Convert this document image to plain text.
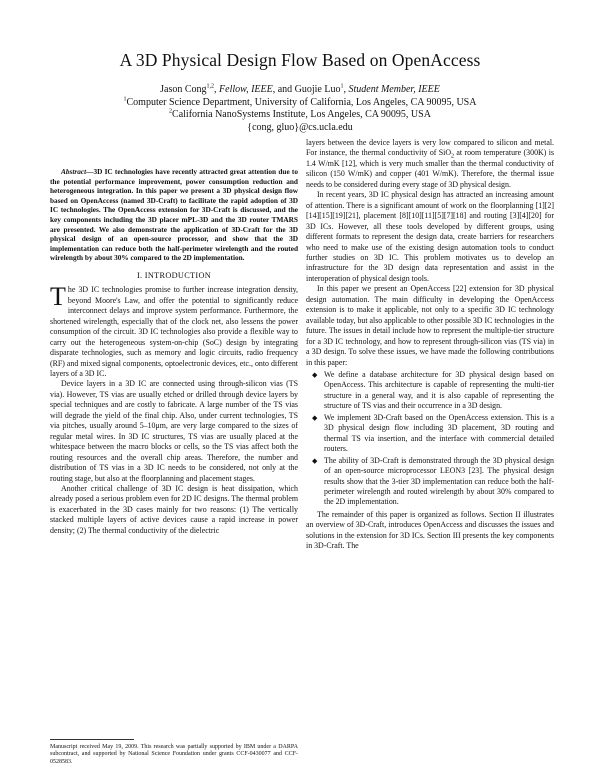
A 3D Physical Design Flow Based on OpenAccess
Jason Cong$^{1,2}$, Fellow, IEEE, and Guojie Luo$^1$, Student Member, IEEE
$^1$Computer Science Department, University of California, Los Angeles, CA 90095, USA
$^2$California NanoSystems Institute, Los Angeles, CA 90095, USA
{cong, gluo}@cs.ucla.edu

Abstract—3D IC technologies have recently attracted great attention due to the potential performance improvement, power consumption reduction and heterogeneous integration. In this paper we present a 3D physical design flow based on OpenAccess (named 3D-Craft) to facilitate the rapid adoption of 3D IC technologies. The OpenAccess extension for 3D-Craft is discussed, and the key components including the 3D placer mPL-3D and the 3D router TMARS are presented. We also demonstrate the application of 3D-Craft for the 3D physical design of an open-source processor, and show that the 3D implementation can reduce both the half-perimeter wirelength and the routed wirelength by about 30% compared to the 2D implementation.

I. INTRODUCTION

The 3D IC technologies promise to further increase integration density, beyond Moore's Law, and offer the potential to significantly reduce interconnect delays and improve system performance. Furthermore, the shortened wirelength, especially that of the clock net, also lessens the power consumption of the circuit. 3D IC technologies also provide a flexible way to carry out the heterogeneous system-on-chip (SoC) design by integrating disparate technologies, such as memory and logic circuits, radio frequency (RF) and mixed signal components, optoelectronic devices, etc., onto different layers of a 3D IC.

Device layers in a 3D IC are connected using through-silicon vias (TS via). However, TS vias are usually etched or drilled through device layers by special techniques and are costly to fabricate. A large number of the TS vias will degrade the yield of the final chip. Also, under current technologies, TS via pitches, usually around 5–10μm, are very large compared to the sizes of regular metal wires. In 3D IC structures, TS vias are usually placed at the whitespace between the macro blocks or cells, so the TS vias affect both the routing resources and the overall chip areas. Therefore, the number and distribution of TS vias in a 3D IC needs to be considered, not only at the routing stage, but also at the floorplanning and placement stages.

Another critical challenge of 3D IC design is heat dissipation, which already posed a serious problem even for 2D IC designs. The thermal problem is exacerbated in the 3D cases mainly for two reasons: (1) The vertically stacked multiple layers of active devices cause a rapid increase in power density; (2) The thermal conductivity of the dielectric

Manuscript received May 19, 2009. This research was partially supported by IBM under a DARPA subcontract, and supported by National Science Foundation under grants CCF-0430077 and CCF-0528583.

layers between the device layers is very low compared to silicon and metal. For instance, the thermal conductivity of SiO$_2$ at room temperature (300K) is 1.4 W/mK [12], which is very much smaller than the thermal conductivity of silicon (150 W/mK) and copper (401 W/mK). Therefore, the thermal issue needs to be considered during every stage of 3D physical design.

In recent years, 3D IC physical design has attracted an increasing amount of attention. There is a significant amount of work on the floorplanning [1][2][14][15][19][21], placement [8][10][11][5][7][18] and routing [3][4][20] for 3D ICs. However, all these tools developed by different groups, using different formats to represent the design data, create barriers for researchers who need to make use of the existing design automation tools to conduct further studies on 3D IC. This problem motivates us to develop an infrastructure for the 3D design data representation and assist in the interoperation of physical design tools.

In this paper we present an OpenAccess [22] extension for 3D physical design automation. The main difficulty in developing the OpenAccess extension is to make it applicable, not only to a specific 3D IC technology available today, but also applicable to other possible 3D IC technologies in the future. The issues in detail include how to represent the multiple-tier structure for a 3D IC technology, and how to represent through-silicon vias (TS via) in a 3D design. To solve these issues, we have made the following contributions in this paper:

◆ We define a database architecture for 3D physical design based on OpenAccess. This architecture is capable of representing the multi-tier structure in a general way, and it is also capable of representing the structure of TS vias and their occurrence in a 3D design.
◆ We implement 3D-Craft based on the OpenAccess extension. This is a 3D physical design flow including 3D placement, 3D routing and thermal TS via insertion, and the interface with commercial detailed routers.
◆ The ability of 3D-Craft is demonstrated through the 3D physical design of an open-source microprocessor LEON3 [23]. The physical design results show that the 3-tier 3D implementation can reduce both the half-perimeter wirelength and routed wirelength by about 30% compared to the 2D implementation.

The remainder of this paper is organized as follows. Section II illustrates an overview of 3D-Craft, introduces OpenAccess and discusses the issues and solutions in the extension for 3D ICs. Section III presents the key components in 3D-Craft. The
